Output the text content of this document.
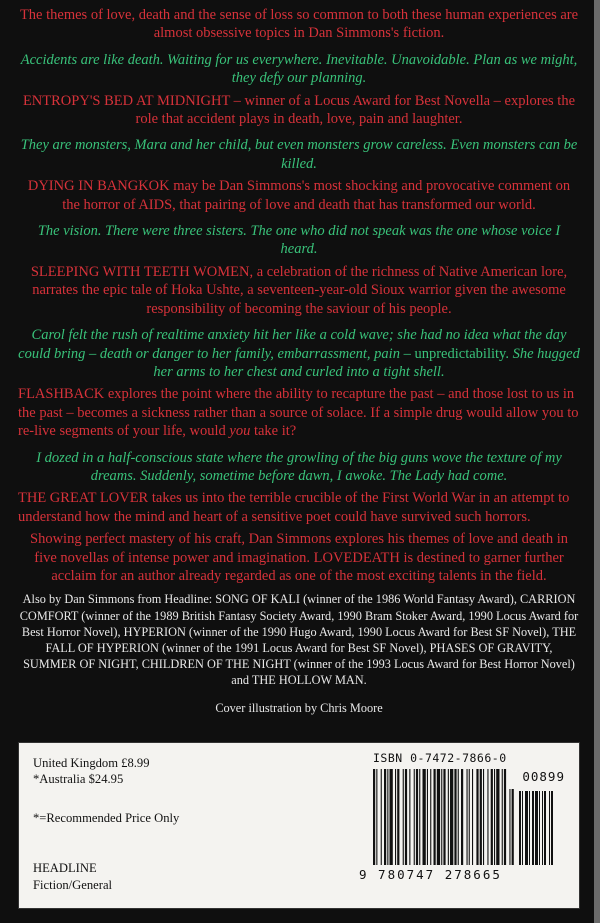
The themes of love, death and the sense of loss so common to both these human experiences are almost obsessive topics in Dan Simmons's fiction.

Accidents are like death. Waiting for us everywhere. Inevitable. Unavoidable. Plan as we might, they defy our planning.

ENTROPY'S BED AT MIDNIGHT – winner of a Locus Award for Best Novella – explores the role that accident plays in death, love, pain and laughter.

They are monsters, Mara and her child, but even monsters grow careless. Even monsters can be killed.

DYING IN BANGKOK may be Dan Simmons's most shocking and provocative comment on the horror of AIDS, that pairing of love and death that has transformed our world.

The vision. There were three sisters. The one who did not speak was the one whose voice I heard.

SLEEPING WITH TEETH WOMEN, a celebration of the richness of Native American lore, narrates the epic tale of Hoka Ushte, a seventeen-year-old Sioux warrior given the awesome responsibility of becoming the saviour of his people.

Carol felt the rush of realtime anxiety hit her like a cold wave; she had no idea what the day could bring – death or danger to her family, embarrassment, pain – unpredictability. She hugged her arms to her chest and curled into a tight shell.

FLASHBACK explores the point where the ability to recapture the past – and those lost to us in the past – becomes a sickness rather than a source of solace. If a simple drug would allow you to re-live segments of your life, would you take it?

I dozed in a half-conscious state where the growling of the big guns wove the texture of my dreams. Suddenly, sometime before dawn, I awoke. The Lady had come.

THE GREAT LOVER takes us into the terrible crucible of the First World War in an attempt to understand how the mind and heart of a sensitive poet could have survived such horrors.

Showing perfect mastery of his craft, Dan Simmons explores his themes of love and death in five novellas of intense power and imagination. LOVEDEATH is destined to garner further acclaim for an author already regarded as one of the most exciting talents in the field.

Also by Dan Simmons from Headline: SONG OF KALI (winner of the 1986 World Fantasy Award), CARRION COMFORT (winner of the 1989 British Fantasy Society Award, 1990 Bram Stoker Award, 1990 Locus Award for Best Horror Novel), HYPERION (winner of the 1990 Hugo Award, 1990 Locus Award for Best SF Novel), THE FALL OF HYPERION (winner of the 1991 Locus Award for Best SF Novel), PHASES OF GRAVITY, SUMMER OF NIGHT, CHILDREN OF THE NIGHT (winner of the 1993 Locus Award for Best Horror Novel) and THE HOLLOW MAN.

Cover illustration by Chris Moore

United Kingdom £8.99
*Australia $24.95
*=Recommended Price Only
HEADLINE
Fiction/General
ISBN 0-7472-7866-0
00899
9 780747 278665
